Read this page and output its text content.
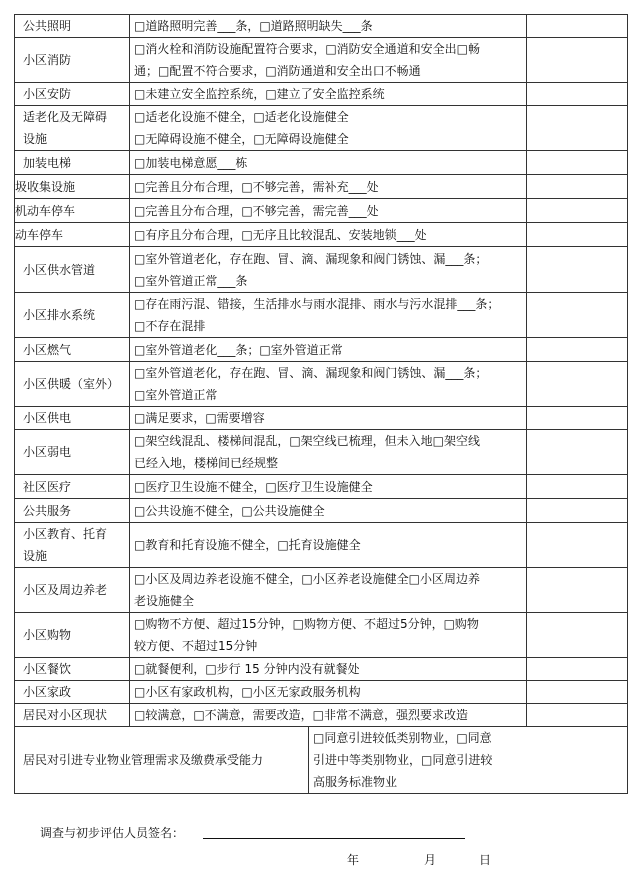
公共照明	□道路照明完善___条，□道路照明缺失___条		

小区消防	□消火栓和消防设施配置符合要求，□消防安全通道和安全出□畅
通；□配置不符合要求，□消防通道和安全出口不畅通		

小区安防	□未建立安全监控系统，□建立了安全监控系统		

适老化及无障碍
设施	□适老化设施不健全，□适老化设施健全
□无障碍设施不健全，□无障碍设施健全		

加装电梯	□加装电梯意愿___栋		

圾收集设施	□完善且分布合理，□不够完善，需补充___处		

机动车停车	□完善且分布合理，□不够完善，需完善___处		

动车停车	□有序且分布合理，□无序且比较混乱、安装地锁___处		

小区供水管道	□室外管道老化，存在跑、冒、滴、漏现象和阀门锈蚀、漏___条；
□室外管道正常___条		

小区排水系统	□存在雨污混、错接，生活排水与雨水混排、雨水与污水混排___条；
□不存在混排		

小区燃气	□室外管道老化___条；□室外管道正常		

小区供暖（室外）	□室外管道老化，存在跑、冒、滴、漏现象和阀门锈蚀、漏___条；
□室外管道正常		

小区供电	□满足要求，□需要增容		

小区弱电	□架空线混乱、楼梯间混乱，□架空线已梳理，但未入地□架空线
已经入地，楼梯间已经规整		

社区医疗	□医疗卫生设施不健全，□医疗卫生设施健全		

公共服务	□公共设施不健全，□公共设施健全		

小区教育、托育
设施	□教育和托育设施不健全，□托育设施健全		

小区及周边养老	□小区及周边养老设施不健全，□小区养老设施健全□小区周边养
老设施健全		

小区购物	□购物不方便、超过15分钟，□购物方便、不超过5分钟，□购物
较方便、不超过15分钟		

小区餐饮	□就餐便利，□步行 15 分钟内没有就餐处		

小区家政	□小区有家政机构，□小区无家政服务机构		

居民对小区现状	□较满意，□不满意，需要改造，□非常不满意，强烈要求改造		

居民对引进专业物业管理需求及缴费承受能力		□同意引进较低类别物业，□同意
引进中等类别物业，□同意引进较
高服务标准物业	
调查与初步评估人员签名：
年	月	日
